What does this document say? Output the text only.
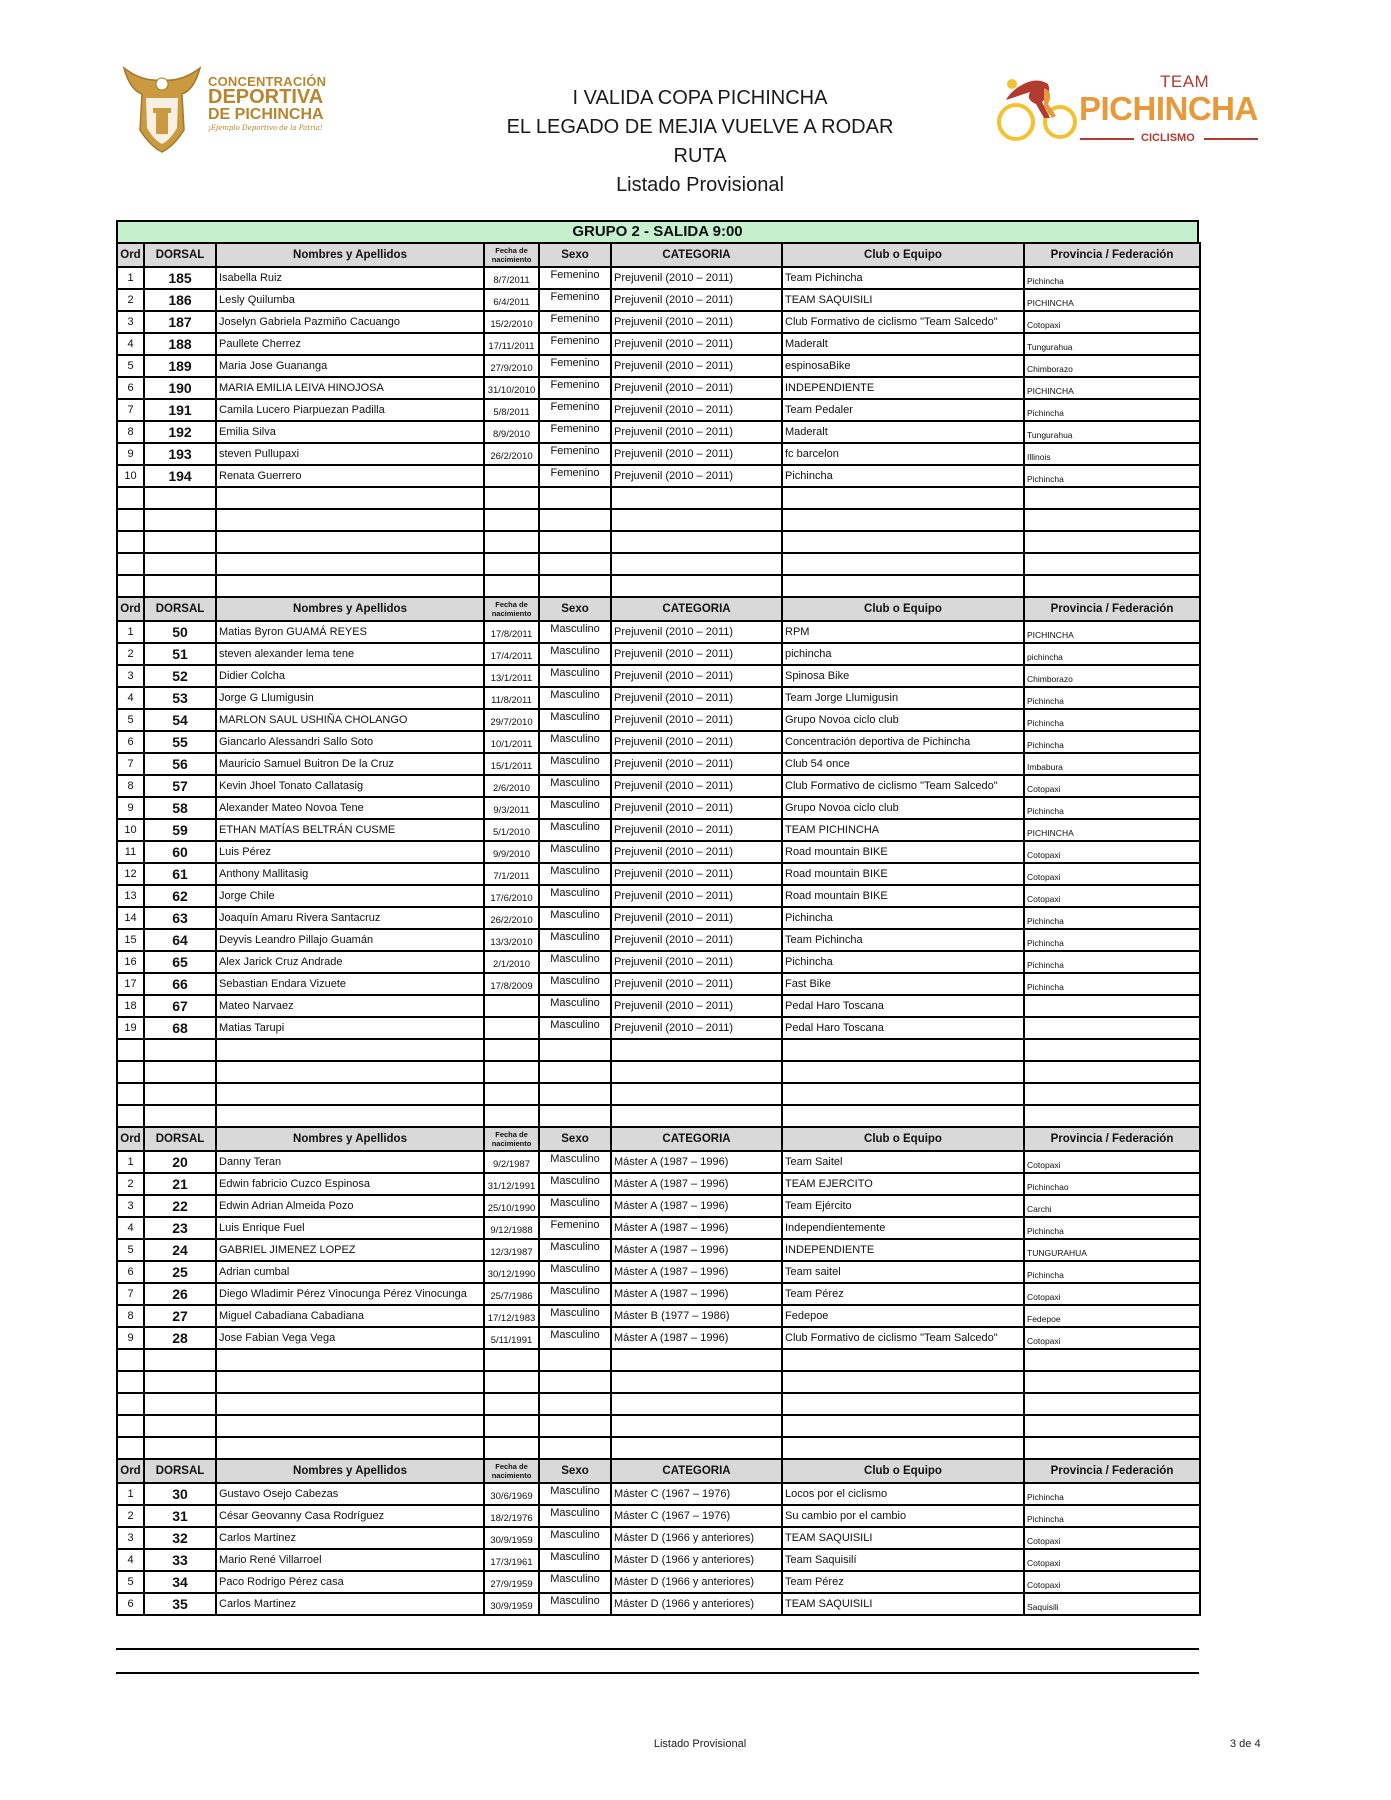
CONCENTRACIÓN
DEPORTIVA
DE PICHINCHA
¡Ejemplo Deportivo de la Patria!
I VALIDA COPA PICHINCHA
EL LEGADO DE MEJIA VUELVE A RODAR
RUTA
Listado Provisional
TEAM
PICHINCHA
CICLISMO
GRUPO 2 - SALIDA 9:00
Ord	DORSAL	Nombres y Apellidos	Fecha de nacimiento	Sexo	CATEGORIA	Club o Equipo	Provincia / Federación
1	185	Isabella Ruiz	8/7/2011	Femenino	Prejuvenil (2010 – 2011)	Team Pichincha	Pichincha
2	186	Lesly Quilumba	6/4/2011	Femenino	Prejuvenil (2010 – 2011)	TEAM SAQUISILI	PICHINCHA
3	187	Joselyn Gabriela Pazmiño Cacuango	15/2/2010	Femenino	Prejuvenil (2010 – 2011)	Club Formativo de ciclismo "Team Salcedo"	Cotopaxi
4	188	Paullete Cherrez	17/11/2011	Femenino	Prejuvenil (2010 – 2011)	Maderalt	Tungurahua
5	189	Maria Jose Guananga	27/9/2010	Femenino	Prejuvenil (2010 – 2011)	espinosaBike	Chimborazo
6	190	MARIA EMILIA LEIVA HINOJOSA	31/10/2010	Femenino	Prejuvenil (2010 – 2011)	INDEPENDIENTE	PICHINCHA
7	191	Camila Lucero Piarpuezan Padilla	5/8/2011	Femenino	Prejuvenil (2010 – 2011)	Team Pedaler	Pichincha
8	192	Emilia Silva	8/9/2010	Femenino	Prejuvenil (2010 – 2011)	Maderalt	Tungurahua
9	193	steven Pullupaxi	26/2/2010	Femenino	Prejuvenil (2010 – 2011)	fc barcelon	Illinois
10	194	Renata Guerrero		Femenino	Prejuvenil (2010 – 2011)	Pichincha	Pichincha

Ord	DORSAL	Nombres y Apellidos	Fecha de nacimiento	Sexo	CATEGORIA	Club o Equipo	Provincia / Federación
1	50	Matias Byron GUAMÁ REYES	17/8/2011	Masculino	Prejuvenil (2010 – 2011)	RPM	PICHINCHA
2	51	steven alexander lema tene	17/4/2011	Masculino	Prejuvenil (2010 – 2011)	pichincha	pichincha
3	52	Didier Colcha	13/1/2011	Masculino	Prejuvenil (2010 – 2011)	Spinosa Bike	Chimborazo
4	53	Jorge G Llumigusin	11/8/2011	Masculino	Prejuvenil (2010 – 2011)	Team Jorge Llumigusin	Pichincha
5	54	MARLON SAUL USHIÑA CHOLANGO	29/7/2010	Masculino	Prejuvenil (2010 – 2011)	Grupo Novoa ciclo club	Pichincha
6	55	Giancarlo Alessandri Sallo Soto	10/1/2011	Masculino	Prejuvenil (2010 – 2011)	Concentración deportiva de Pichincha	Pichincha
7	56	Mauricio Samuel Buitron De la Cruz	15/1/2011	Masculino	Prejuvenil (2010 – 2011)	Club 54 once	Imbabura
8	57	Kevin Jhoel Tonato Callatasig	2/6/2010	Masculino	Prejuvenil (2010 – 2011)	Club Formativo de ciclismo "Team Salcedo"	Cotopaxi
9	58	Alexander Mateo Novoa Tene	9/3/2011	Masculino	Prejuvenil (2010 – 2011)	Grupo Novoa ciclo club	Pichincha
10	59	ETHAN MATÍAS BELTRÁN CUSME	5/1/2010	Masculino	Prejuvenil (2010 – 2011)	TEAM PICHINCHA	PICHINCHA
11	60	Luis Pérez	9/9/2010	Masculino	Prejuvenil (2010 – 2011)	Road mountain BIKE	Cotopaxi
12	61	Anthony Mallitasig	7/1/2011	Masculino	Prejuvenil (2010 – 2011)	Road mountain BIKE	Cotopaxi
13	62	Jorge Chile	17/6/2010	Masculino	Prejuvenil (2010 – 2011)	Road mountain BIKE	Cotopaxi
14	63	Joaquín Amaru Rivera Santacruz	26/2/2010	Masculino	Prejuvenil (2010 – 2011)	Pichincha	Pichincha
15	64	Deyvis Leandro Pillajo Guamán	13/3/2010	Masculino	Prejuvenil (2010 – 2011)	Team Pichincha	Pichincha
16	65	Alex Jarick Cruz Andrade	2/1/2010	Masculino	Prejuvenil (2010 – 2011)	Pichincha	Pichincha
17	66	Sebastian Endara Vizuete	17/8/2009	Masculino	Prejuvenil (2010 – 2011)	Fast Bike	Pichincha
18	67	Mateo Narvaez		Masculino	Prejuvenil (2010 – 2011)	Pedal Haro Toscana	
19	68	Matias Tarupi		Masculino	Prejuvenil (2010 – 2011)	Pedal Haro Toscana	

Ord	DORSAL	Nombres y Apellidos	Fecha de nacimiento	Sexo	CATEGORIA	Club o Equipo	Provincia / Federación
1	20	Danny Teran	9/2/1987	Masculino	Máster A (1987 – 1996)	Team Saitel	Cotopaxi
2	21	Edwin fabricio Cuzco Espinosa	31/12/1991	Masculino	Máster A (1987 – 1996)	TEAM EJERCITO	Pichinchao
3	22	Edwin Adrian Almeida Pozo	25/10/1990	Masculino	Máster A (1987 – 1996)	Team Ejército	Carchi
4	23	Luis Enrique Fuel	9/12/1988	Femenino	Máster A (1987 – 1996)	Independientemente	Pichincha
5	24	GABRIEL JIMENEZ LOPEZ	12/3/1987	Masculino	Máster A (1987 – 1996)	INDEPENDIENTE	TUNGURAHUA
6	25	Adrian cumbal	30/12/1990	Masculino	Máster A (1987 – 1996)	Team saitel	Pichincha
7	26	Diego Wladimir Pérez Vinocunga Pérez Vinocunga	25/7/1986	Masculino	Máster A (1987 – 1996)	Team Pérez	Cotopaxi
8	27	Miguel Cabadiana Cabadiana	17/12/1983	Masculino	Máster B (1977 – 1986)	Fedepoe	Fedepoe
9	28	Jose Fabian Vega Vega	5/11/1991	Masculino	Máster A (1987 – 1996)	Club Formativo de ciclismo "Team Salcedo"	Cotopaxi

Ord	DORSAL	Nombres y Apellidos	Fecha de nacimiento	Sexo	CATEGORIA	Club o Equipo	Provincia / Federación
1	30	Gustavo Osejo Cabezas	30/6/1969	Masculino	Máster C (1967 – 1976)	Locos por el ciclismo	Pichincha
2	31	César Geovanny Casa Rodríguez	18/2/1976	Masculino	Máster C (1967 – 1976)	Su cambio por el cambio	Pichincha
3	32	Carlos Martinez	30/9/1959	Masculino	Máster D (1966 y anteriores)	TEAM SAQUISILI	Cotopaxi
4	33	Mario René Villarroel	17/3/1961	Masculino	Máster D (1966 y anteriores)	Team Saquisilí	Cotopaxi
5	34	Paco Rodrigo Pérez casa	27/9/1959	Masculino	Máster D (1966 y anteriores)	Team Pérez	Cotopaxi
6	35	Carlos Martinez	30/9/1959	Masculino	Máster D (1966 y anteriores)	TEAM SAQUISILI	Saquisili
Listado Provisional	3 de 4
